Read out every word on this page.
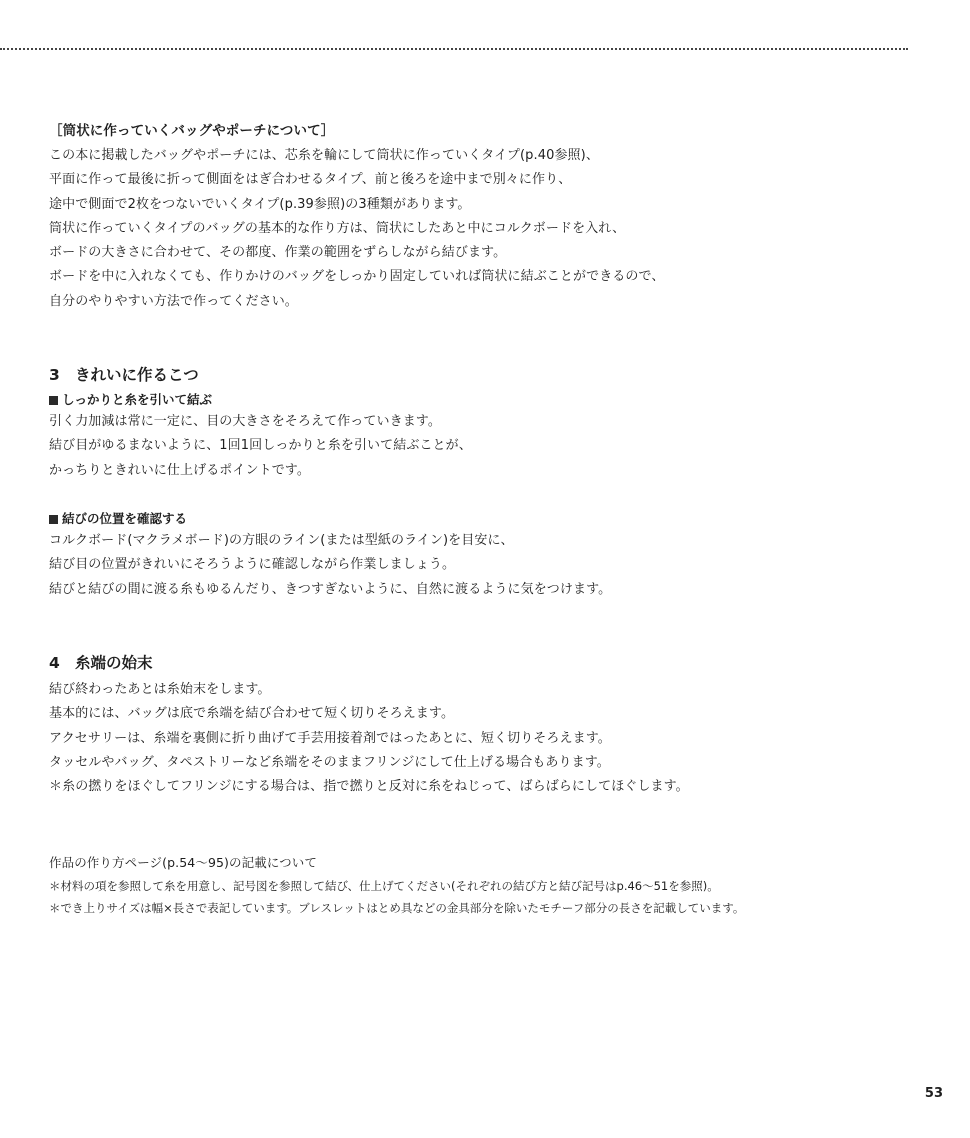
［筒状に作っていくバッグやポーチについて］
この本に掲載したバッグやポーチには、芯糸を輪にして筒状に作っていくタイプ(p.40参照)、
平面に作って最後に折って側面をはぎ合わせるタイプ、前と後ろを途中まで別々に作り、
途中で側面で2枚をつないでいくタイプ(p.39参照)の3種類があります。
筒状に作っていくタイプのバッグの基本的な作り方は、筒状にしたあと中にコルクボードを入れ、
ボードの大きさに合わせて、その都度、作業の範囲をずらしながら結びます。
ボードを中に入れなくても、作りかけのバッグをしっかり固定していれば筒状に結ぶことができるので、
自分のやりやすい方法で作ってください。
3 きれいに作るこつ
しっかりと糸を引いて結ぶ
引く力加減は常に一定に、目の大きさをそろえて作っていきます。
結び目がゆるまないように、1回1回しっかりと糸を引いて結ぶことが、
かっちりときれいに仕上げるポイントです。
結びの位置を確認する
コルクボード(マクラメボード)の方眼のライン(または型紙のライン)を目安に、
結び目の位置がきれいにそろうように確認しながら作業しましょう。
結びと結びの間に渡る糸もゆるんだり、きつすぎないように、自然に渡るように気をつけます。
4 糸端の始末
結び終わったあとは糸始末をします。
基本的には、バッグは底で糸端を結び合わせて短く切りそろえます。
アクセサリーは、糸端を裏側に折り曲げて手芸用接着剤ではったあとに、短く切りそろえます。
タッセルやバッグ、タペストリーなど糸端をそのままフリンジにして仕上げる場合もあります。
＊糸の撚りをほぐしてフリンジにする場合は、指で撚りと反対に糸をねじって、ばらばらにしてほぐします。
作品の作り方ページ(p.54〜95)の記載について
＊材料の項を参照して糸を用意し、記号図を参照して結び、仕上げてください(それぞれの結び方と結び記号はp.46〜51を参照)。
＊でき上りサイズは幅×長さで表記しています。ブレスレットはとめ具などの金具部分を除いたモチーフ部分の長さを記載しています。
53
